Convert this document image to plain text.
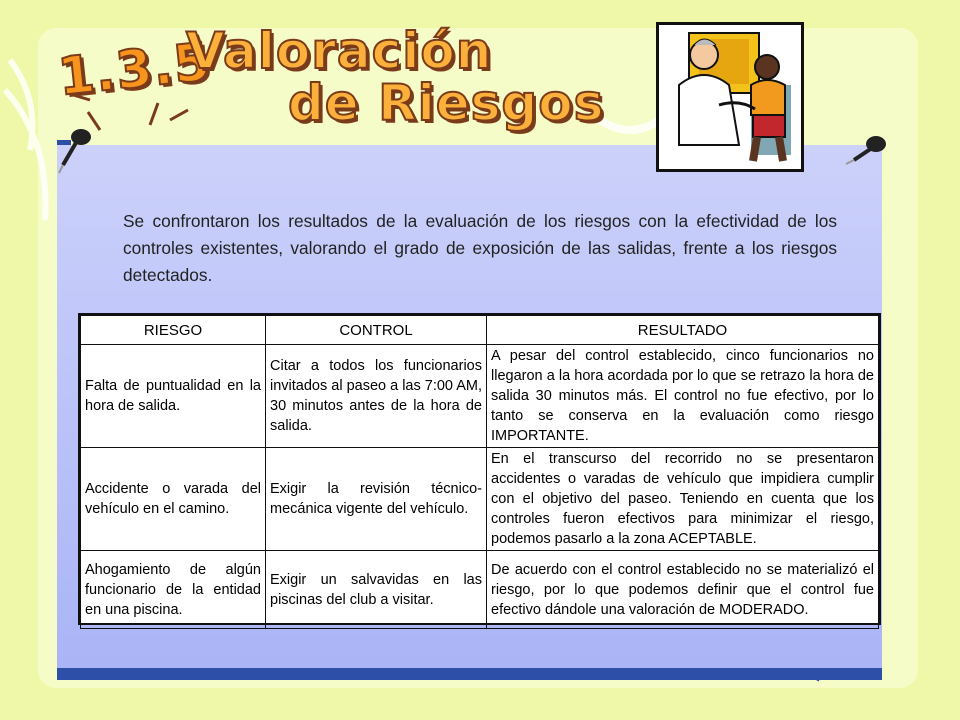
1.3.5
Valoración
de Riesgos

Se confrontaron los resultados de la evaluación de los riesgos con la efectividad de los controles existentes, valorando el grado de exposición de las salidas, frente a los riesgos detectados.

RIESGO	CONTROL	RESULTADO
Falta de puntualidad en la hora de salida.	Citar a todos los funcionarios invitados al paseo a las 7:00 AM, 30 minutos antes de la hora de salida.	A pesar del control establecido, cinco funcionarios no llegaron a la hora acordada por lo que se retrazo la hora de salida 30 minutos más. El control no fue efectivo, por lo tanto se conserva en la evaluación como riesgo IMPORTANTE.
Accidente o varada del vehículo en el camino.	Exigir la revisión técnico-mecánica vigente del vehículo.	En el transcurso del recorrido no se presentaron accidentes o varadas de vehículo que impidiera cumplir con el objetivo del paseo. Teniendo en cuenta que los controles fueron efectivos para minimizar el riesgo, podemos pasarlo a la zona ACEPTABLE.
Ahogamiento de algún funcionario de la entidad en una piscina.	Exigir un salvavidas en las piscinas del club a visitar.	De acuerdo con el control establecido no se materializó el riesgo, por lo que podemos definir que el control fue efectivo dándole una valoración de MODERADO.
